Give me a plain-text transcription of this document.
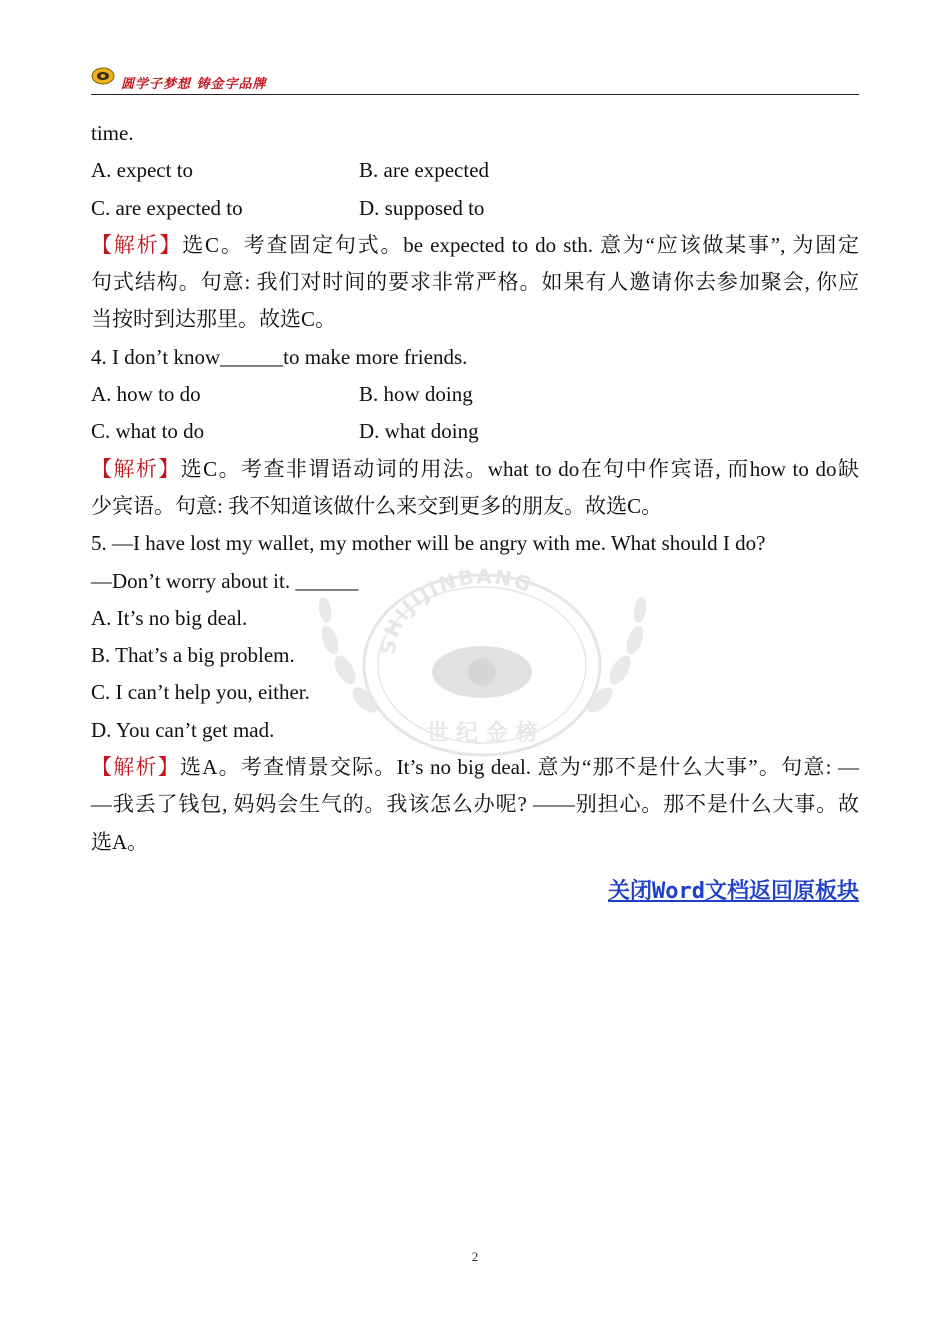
圆学子梦想 铸金字品牌
SHIJIJINBANG
世 纪 金 榜
time.
A. expect to	B. are expected
C. are expected to	D. supposed to
【解析】选C。考查固定句式。be expected to do sth. 意为“应该做某事”, 为固定
句式结构。句意: 我们对时间的要求非常严格。如果有人邀请你去参加聚会, 你应
当按时到达那里。故选C。
4. I don’t know______to make more friends.
A. how to do	B. how doing
C. what to do	D. what doing
【解析】选C。考查非谓语动词的用法。what to do在句中作宾语, 而how to do缺
少宾语。句意: 我不知道该做什么来交到更多的朋友。故选C。
5. —I have lost my wallet, my mother will be angry with me. What should I do?
—Don’t worry about it. ______
A. It’s no big deal.
B. That’s a big problem.
C. I can’t help you, either.
D. You can’t get mad.
【解析】选A。考查情景交际。It’s no big deal. 意为“那不是什么大事”。句意: —
—我丢了钱包, 妈妈会生气的。我该怎么办呢? ——别担心。那不是什么大事。故
选A。
关闭Word文档返回原板块
2
